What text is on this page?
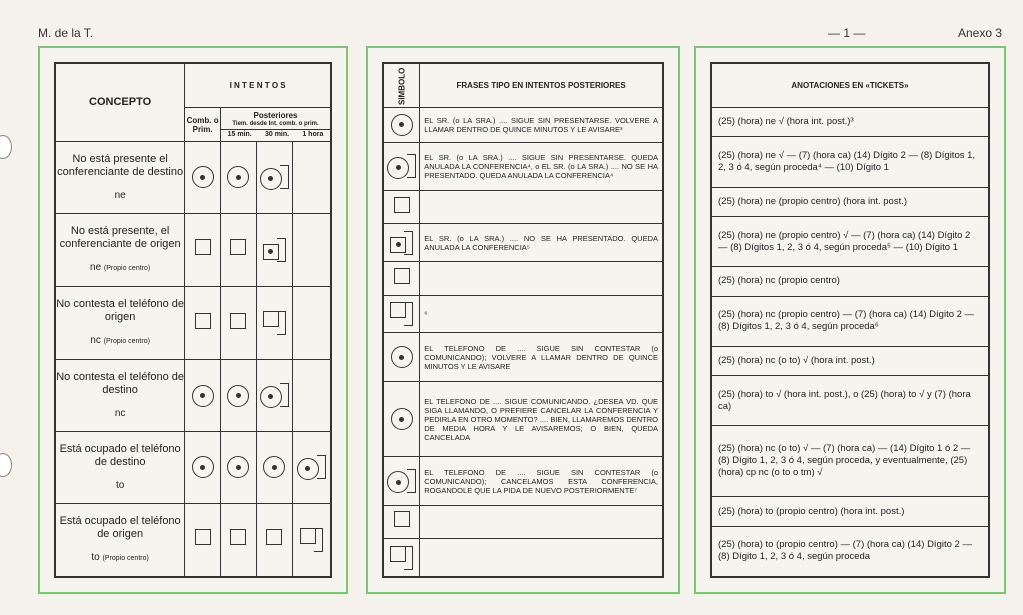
M. de la T.	— 1 —	Anexo 3
CONCEPTO	I N T E N T O S			
	Comb. o Prim.	Posteriores
Tiem. desde Int. comb. o prim.
15 min. 30 min. 1 hora		

No está presente el conferenciante de destino
ne				

No está presente, el conferenciante de origen
ne (Propio centro)				

No contesta el teléfono de origen
nc (Propio centro)				

No contesta el teléfono de destino
nc				

Está ocupado el teléfono de destino
to				

Está ocupado el teléfono de origen
to (Propio centro)				

SIMBOLO	FRASES TIPO EN INTENTOS POSTERIORES

	EL SR. (o LA SRA.) .... SIGUE SIN PRESENTARSE. VOLVERE A LLAMAR DENTRO DE QUINCE MINUTOS Y LE AVISARE³

	EL SR. (o LA SRA.) .... SIGUE SIN PRESENTARSE. QUEDA ANULADA LA CONFERENCIA⁴, o EL SR. (o LA SRA.) .... NO SE HA PRESENTADO. QUEDA ANULADA LA CONFERENCIA⁴

	EL SR. (o LA SRA.) .... NO SE HA PRESENTADO. QUEDA ANULADA LA CONFERENCIA⁵

	⁶

	EL TELEFONO DE .... SIGUE SIN CONTESTAR (o COMUNICANDO); VOLVERE A LLAMAR DENTRO DE QUINCE MINUTOS Y LE AVISARE

	EL TELEFONO DE .... SIGUE COMUNICANDO. ¿DESEA VD. QUE SIGA LLAMANDO, O PREFIERE CANCELAR LA CONFERENCIA Y PEDIRLA EN OTRO MOMENTO? .... BIEN, LLAMAREMOS DENTRO DE MEDIA HORA Y LE AVISAREMOS; O BIEN, QUEDA CANCELADA

	EL TELEFONO DE .... SIGUE SIN CONTESTAR (o COMUNICANDO); CANCELAMOS ESTA CONFERENCIA, ROGANDOLE QUE LA PIDA DE NUEVO POSTERIORMENTE⁷

ANOTACIONES EN «TICKETS»
(25) (hora) ne √ (hora int. post.)³
(25) (hora) ne √ — (7) (hora ca) (14) Dígito 2 — (8) Dígitos 1, 2, 3 ó 4, según proceda⁴ — (10) Dígito 1
(25) (hora) ne (propio centro) (hora int. post.)
(25) (hora) ne (propio centro) √ — (7) (hora ca) (14) Dígito 2 — (8) Dígitos 1, 2, 3 ó 4, según proceda⁵ — (10) Dígito 1
(25) (hora) nc (propio centro)
(25) (hora) nc (propio centro) — (7) (hora ca) (14) Dígito 2 — (8) Dígitos 1, 2, 3 ó 4, según proceda⁶
(25) (hora) nc (o to) √ (hora int. post.)
(25) (hora) to √ (hora int. post.), o (25) (hora) to √ y (7) (hora ca)
(25) (hora) nc (o to) √ — (7) (hora ca) — (14) Dígito 1 ó 2 — (8) Dígito 1, 2, 3 ó 4, según proceda, y eventualmente, (25) (hora) cp nc (o to o tm) √
(25) (hora) to (propio centro) (hora int. post.)
(25) (hora) to (propio centro) — (7) (hora ca) (14) Dígito 2 — (8) Dígito 1, 2, 3 ó 4, según proceda
